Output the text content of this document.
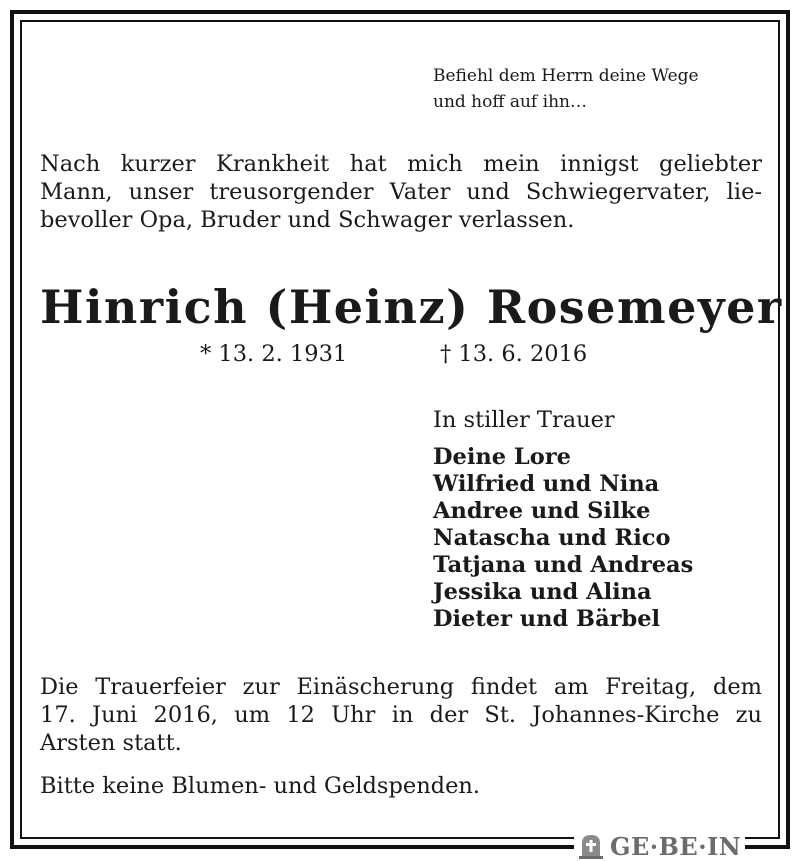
Befiehl dem Herrn deine Wege
und hoff auf ihn…
Nach kurzer Krankheit hat mich mein innigst geliebter
Mann, unser treusorgender Vater und Schwiegervater, lie-
bevoller Opa, Bruder und Schwager verlassen.
Hinrich (Heinz) Rosemeyer
* 13. 2. 1931	† 13. 6. 2016
In stiller Trauer
Deine Lore
Wilfried und Nina
Andree und Silke
Natascha und Rico
Tatjana und Andreas
Jessika und Alina
Dieter und Bärbel
Die Trauerfeier zur Einäscherung findet am Freitag, dem
17. Juni 2016, um 12 Uhr in der St. Johannes-Kirche zu
Arsten statt.
Bitte keine Blumen- und Geldspenden.
GE·BE·IN
